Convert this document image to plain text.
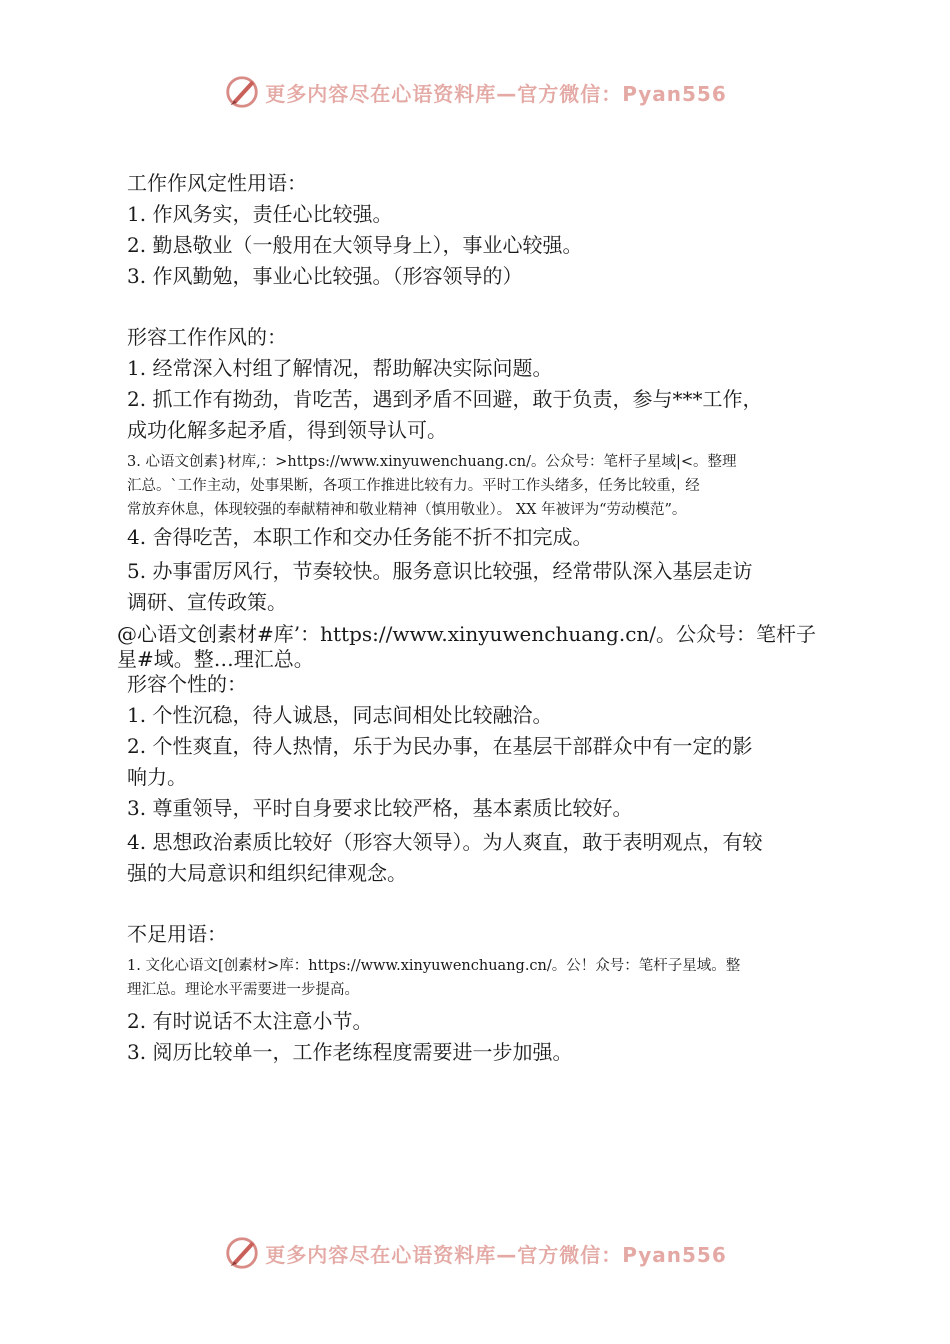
更多内容尽在心语资料库—官方微信：Pyan556
工作作风定性用语：
1. 作风务实，责任心比较强。
2. 勤恳敬业（一般用在大领导身上），事业心较强。
3. 作风勤勉，事业心比较强。（形容领导的）
形容工作作风的：
1. 经常深入村组了解情况，帮助解决实际问题。
2. 抓工作有拗劲，肯吃苦，遇到矛盾不回避，敢于负责，参与***工作，
成功化解多起矛盾，得到领导认可。
3. 心语文创素}材库,：>https://www.xinyuwenchuang.cn/。公众号：笔杆子星域|<。整理
汇总。`工作主动，处事果断，各项工作推进比较有力。平时工作头绪多，任务比较重，经
常放弃休息，体现较强的奉献精神和敬业精神（慎用敬业）。 XX 年被评为“劳动模范”。
4. 舍得吃苦，本职工作和交办任务能不折不扣完成。
5. 办事雷厉风行，节奏较快。服务意识比较强，经常带队深入基层走访
调研、宣传政策。
@心语文创素材#库’：https://www.xinyuwenchuang.cn/。公众号：笔杆子
星#域。整…理汇总。
形容个性的：
1. 个性沉稳，待人诚恳，同志间相处比较融洽。
2. 个性爽直，待人热情，乐于为民办事，在基层干部群众中有一定的影
响力。
3. 尊重领导，平时自身要求比较严格，基本素质比较好。
4. 思想政治素质比较好（形容大领导）。为人爽直，敢于表明观点，有较
强的大局意识和组织纪律观念。
不足用语：
1. 文化心语文[创素材>库：https://www.xinyuwenchuang.cn/。公！众号：笔杆子星域。整
理汇总。理论水平需要进一步提高。
2. 有时说话不太注意小节。
3. 阅历比较单一，工作老练程度需要进一步加强。
更多内容尽在心语资料库—官方微信：Pyan556
